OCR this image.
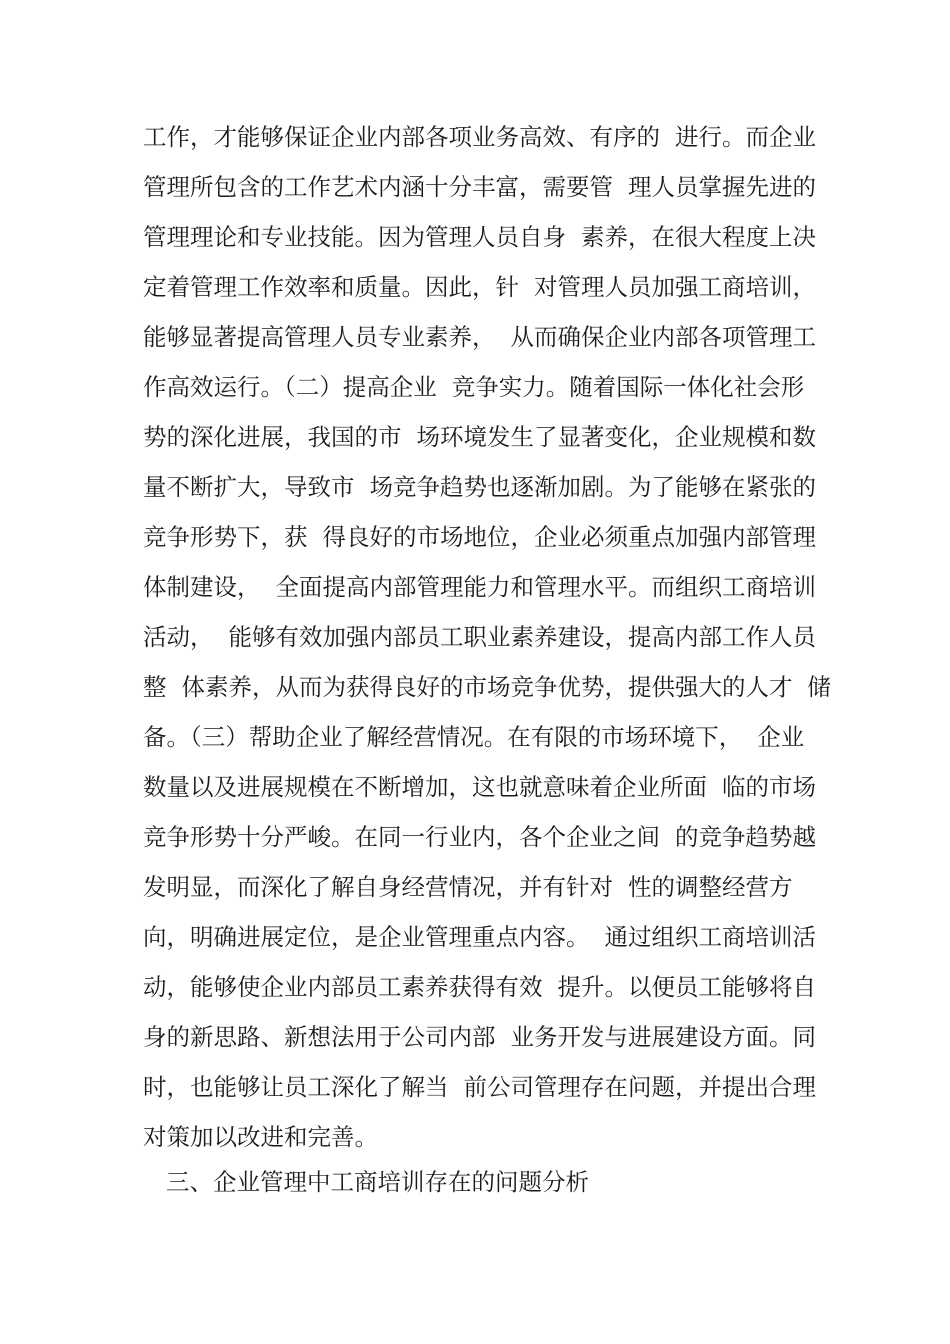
工作，才能够保证企业内部各项业务高效、有序的  进行。而企业
管理所包含的工作艺术内涵十分丰富，需要管  理人员掌握先进的
管理理论和专业技能。因为管理人员自身  素养，在很大程度上决
定着管理工作效率和质量。因此，针  对管理人员加强工商培训，
能够显著提高管理人员专业素养，  从而确保企业内部各项管理工
作高效运行。（二）提高企业  竞争实力。随着国际一体化社会形
势的深化进展，我国的市  场环境发生了显著变化，企业规模和数
量不断扩大，导致市  场竞争趋势也逐渐加剧。为了能够在紧张的
竞争形势下，获  得良好的市场地位，企业必须重点加强内部管理
体制建设，  全面提高内部管理能力和管理水平。而组织工商培训
活动，  能够有效加强内部员工职业素养建设，提高内部工作人员
整  体素养，从而为获得良好的市场竞争优势，提供强大的人才  储
备。（三）帮助企业了解经营情况。在有限的市场环境下，  企业
数量以及进展规模在不断增加，这也就意味着企业所面  临的市场
竞争形势十分严峻。在同一行业内，各个企业之间  的竞争趋势越
发明显，而深化了解自身经营情况，并有针对  性的调整经营方
向，明确进展定位，是企业管理重点内容。  通过组织工商培训活
动，能够使企业内部员工素养获得有效  提升。以便员工能够将自
身的新思路、新想法用于公司内部  业务开发与进展建设方面。同
时，也能够让员工深化了解当  前公司管理存在问题，并提出合理
对策加以改进和完善。
三、企业管理中工商培训存在的问题分析
